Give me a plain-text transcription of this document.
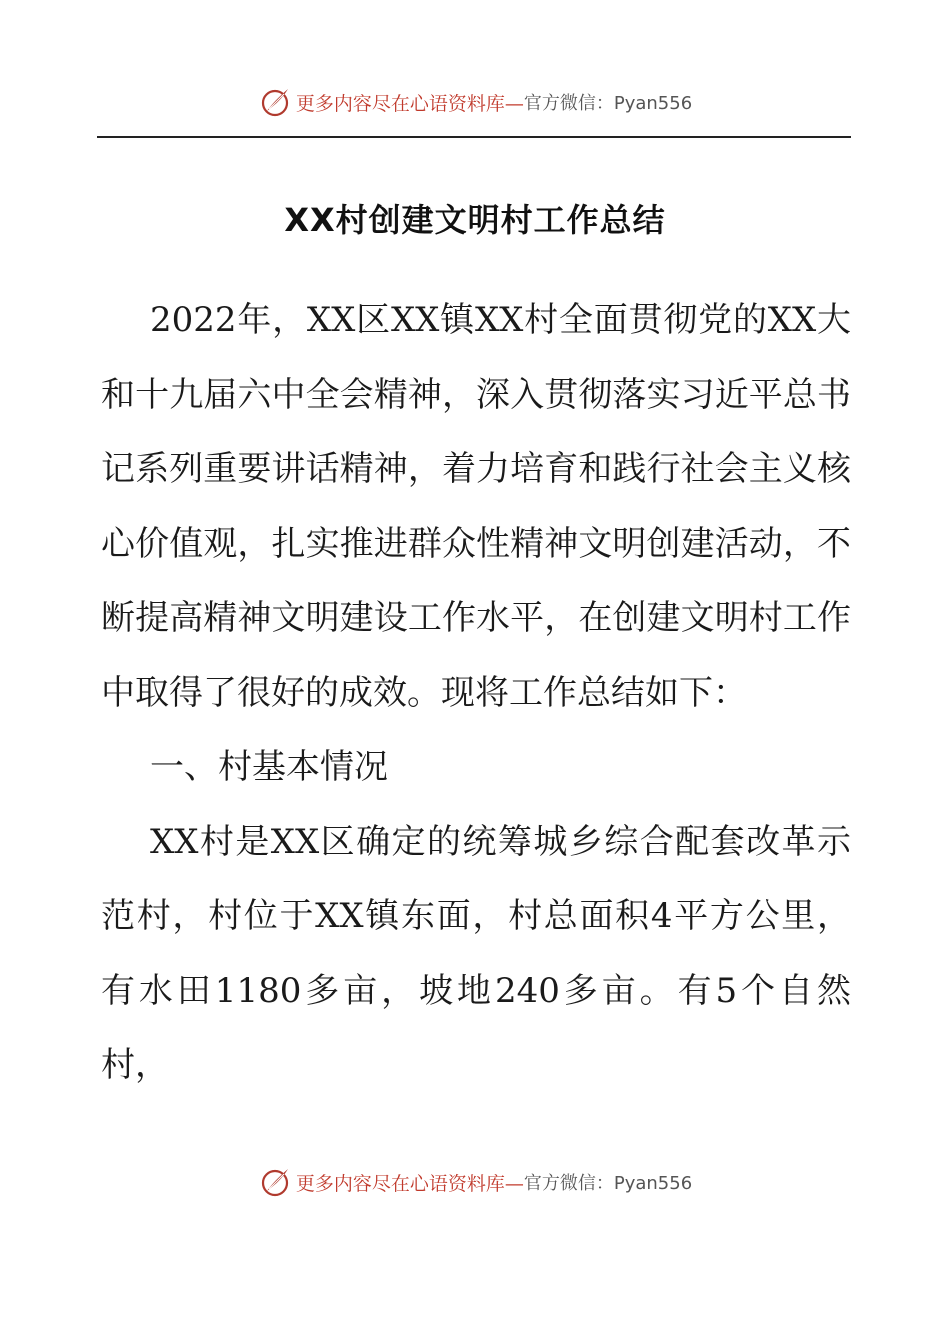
更多内容尽在心语资料库— 官方微信：Pyan556
XX村创建文明村工作总结

2022年，XX区XX镇XX村全面贯彻党的XX大和十九届六中全会精神，深入贯彻落实习近平总书记系列重要讲话精神，着力培育和践行社会主义核心价值观，扎实推进群众性精神文明创建活动，不断提高精神文明建设工作水平，在创建文明村工作中取得了很好的成效。现将工作总结如下：

一、村基本情况

XX村是XX区确定的统筹城乡综合配套改革示范村，村位于XX镇东面，村总面积4平方公里，有水田1180多亩，坡地240多亩。有5个自然村，

更多内容尽在心语资料库— 官方微信：Pyan556
